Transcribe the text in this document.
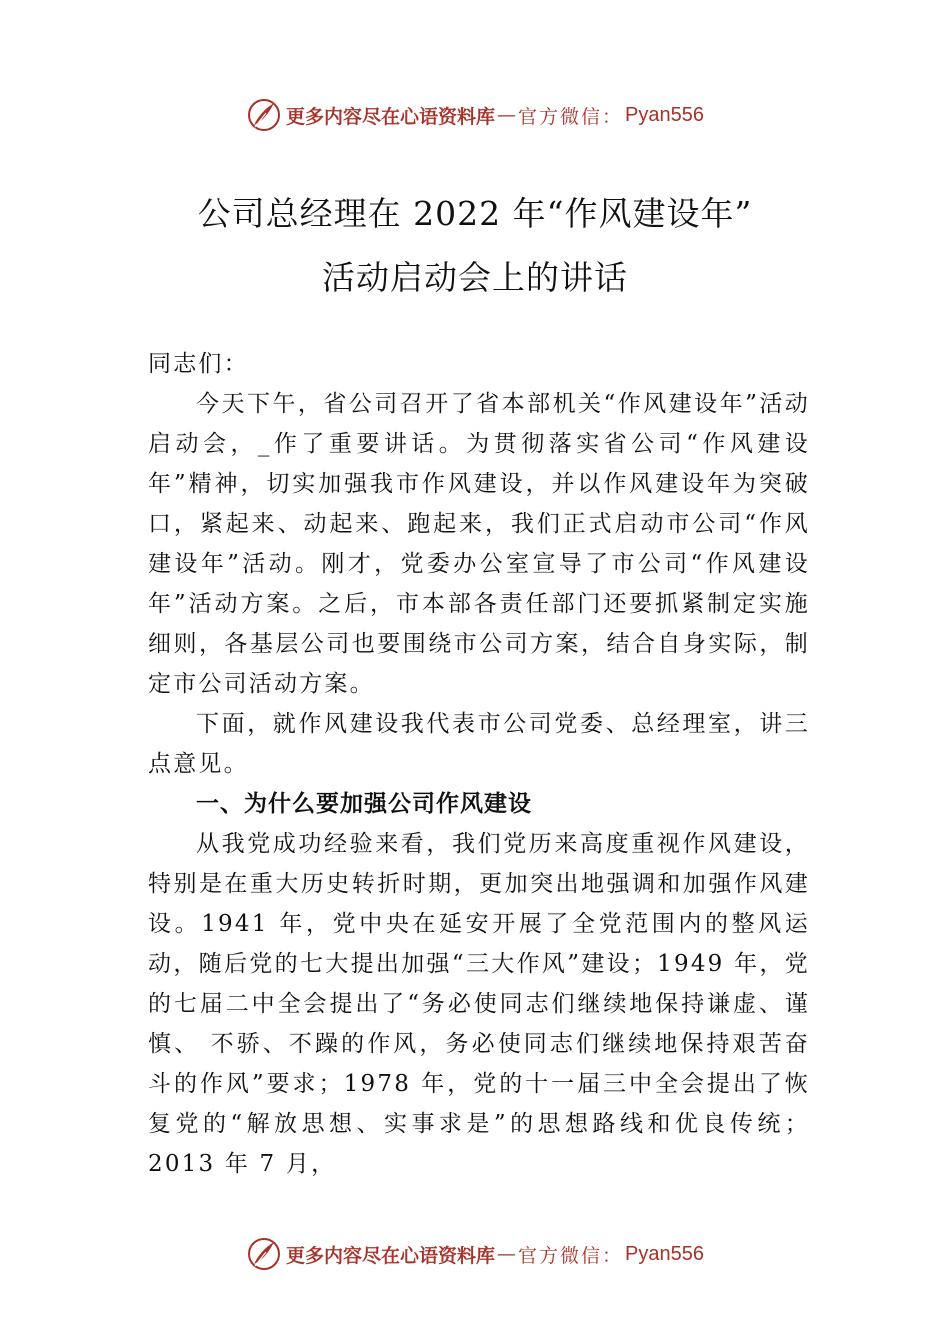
更多内容尽在心语资料库 — 官方微信： Pyan556
公司总经理在 2022 年“作风建设年”
活动启动会上的讲话

同志们：

今天下午，省公司召开了省本部机关“作风建设年”活动启动会，_作了重要讲话。为贯彻落实省公司“作风建设年”精神，切实加强我市作风建设，并以作风建设年为突破口，紧起来、动起来、跑起来，我们正式启动市公司“作风建设年”活动。刚才，党委办公室宣导了市公司“作风建设年”活动方案。之后，市本部各责任部门还要抓紧制定实施细则，各基层公司也要围绕市公司方案，结合自身实际，制定市公司活动方案。

下面，就作风建设我代表市公司党委、总经理室，讲三点意见。

一、为什么要加强公司作风建设

从我党成功经验来看，我们党历来高度重视作风建设，特别是在重大历史转折时期，更加突出地强调和加强作风建设。1941 年，党中央在延安开展了全党范围内的整风运动，随后党的七大提出加强“三大作风”建设；1949 年，党的七届二中全会提出了“务必使同志们继续地保持谦虚、谨慎、 不骄、不躁的作风，务必使同志们继续地保持艰苦奋斗的作风”要求；1978 年，党的十一届三中全会提出了恢复党的“解放思想、实事求是”的思想路线和优良传统；2013 年 7 月，

更多内容尽在心语资料库 — 官方微信： Pyan556
